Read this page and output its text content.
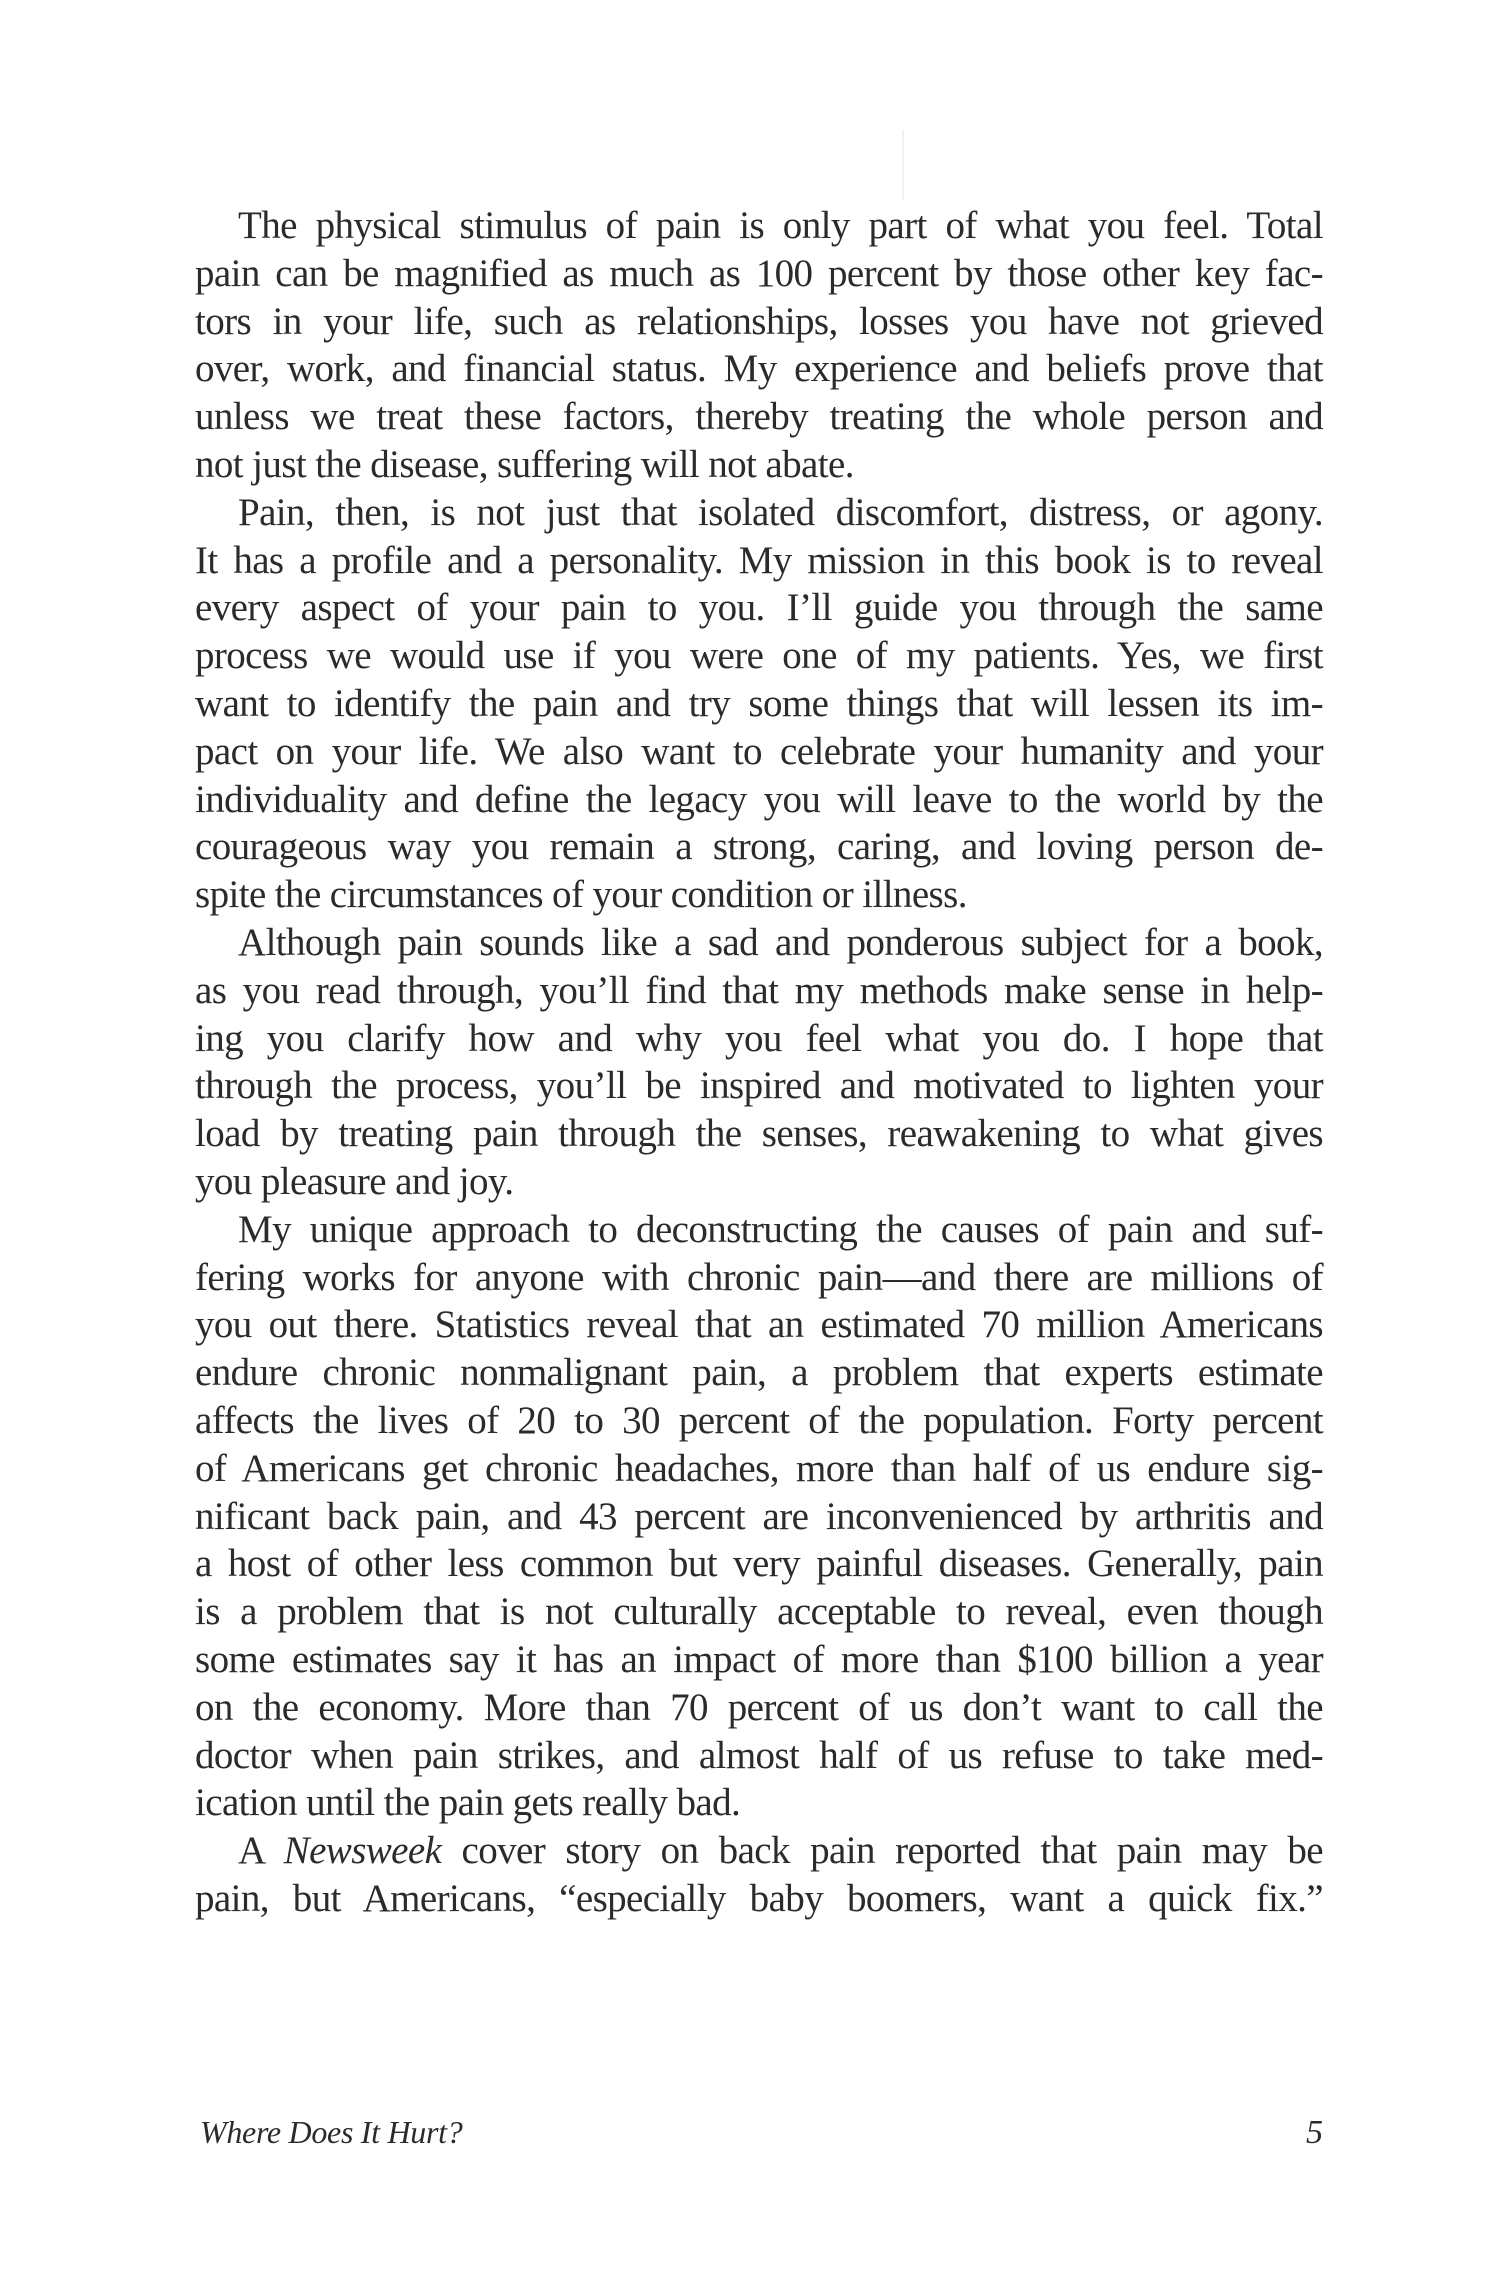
The physical stimulus of pain is only part of what you feel. Total
pain can be magnified as much as 100 percent by those other key fac-
tors in your life, such as relationships, losses you have not grieved
over, work, and financial status. My experience and beliefs prove that
unless we treat these factors, thereby treating the whole person and
not just the disease, suffering will not abate.
Pain, then, is not just that isolated discomfort, distress, or agony.
It has a profile and a personality. My mission in this book is to reveal
every aspect of your pain to you. I’ll guide you through the same
process we would use if you were one of my patients. Yes, we first
want to identify the pain and try some things that will lessen its im-
pact on your life. We also want to celebrate your humanity and your
individuality and define the legacy you will leave to the world by the
courageous way you remain a strong, caring, and loving person de-
spite the circumstances of your condition or illness.
Although pain sounds like a sad and ponderous subject for a book,
as you read through, you’ll find that my methods make sense in help-
ing you clarify how and why you feel what you do. I hope that
through the process, you’ll be inspired and motivated to lighten your
load by treating pain through the senses, reawakening to what gives
you pleasure and joy.
My unique approach to deconstructing the causes of pain and suf-
fering works for anyone with chronic pain—and there are millions of
you out there. Statistics reveal that an estimated 70 million Americans
endure chronic nonmalignant pain, a problem that experts estimate
affects the lives of 20 to 30 percent of the population. Forty percent
of Americans get chronic headaches, more than half of us endure sig-
nificant back pain, and 43 percent are inconvenienced by arthritis and
a host of other less common but very painful diseases. Generally, pain
is a problem that is not culturally acceptable to reveal, even though
some estimates say it has an impact of more than $100 billion a year
on the economy. More than 70 percent of us don’t want to call the
doctor when pain strikes, and almost half of us refuse to take med-
ication until the pain gets really bad.
A Newsweek cover story on back pain reported that pain may be
pain, but Americans, “especially baby boomers, want a quick fix.”
Where Does It Hurt?	5
